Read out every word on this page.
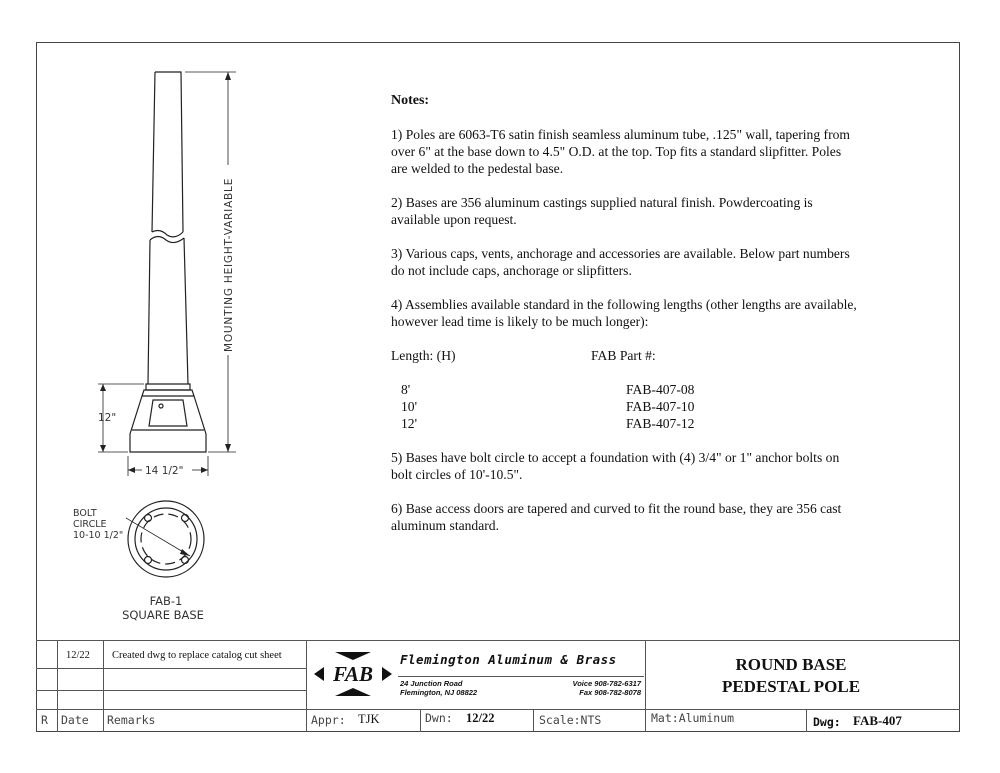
MOUNTING HEIGHT-VARIABLE
12"
14 1/2"
BOLT
CIRCLE
10-10 1/2"
FAB-1
SQUARE BASE
Notes:

1) Poles are 6063-T6 satin finish seamless aluminum tube, .125" wall, tapering from over 6" at the base down to 4.5" O.D. at the top. Top fits a standard slipfitter. Poles are welded to the pedestal base.

2) Bases are 356 aluminum castings supplied natural finish. Powdercoating is available upon request.

3) Various caps, vents, anchorage and accessories are available. Below part numbers do not include caps, anchorage or slipfitters.

4) Assemblies available standard in the following lengths (other lengths are available, however lead time is likely to be much longer):

Length: (H)	FAB Part #:
8'	FAB-407-08
10'	FAB-407-10
12'	FAB-407-12

5) Bases have bolt circle to accept a foundation with (4) 3/4" or 1" anchor bolts on bolt circles of 10'-10.5".

6) Base access doors are tapered and curved to fit the round base, they are 356 cast aluminum standard.

12/22 Created dwg to replace catalog cut sheet
FAB
Flemington Aluminum & Brass
24 Junction Road
Flemington, NJ 08822
Voice 908-782-6317
Fax 908-782-8078
ROUND BASE
PEDESTAL POLE
R Date Remarks	Appr: TJK	Dwn: 12/22	Scale:NTS	Mat:Aluminum	Dwg: FAB-407
